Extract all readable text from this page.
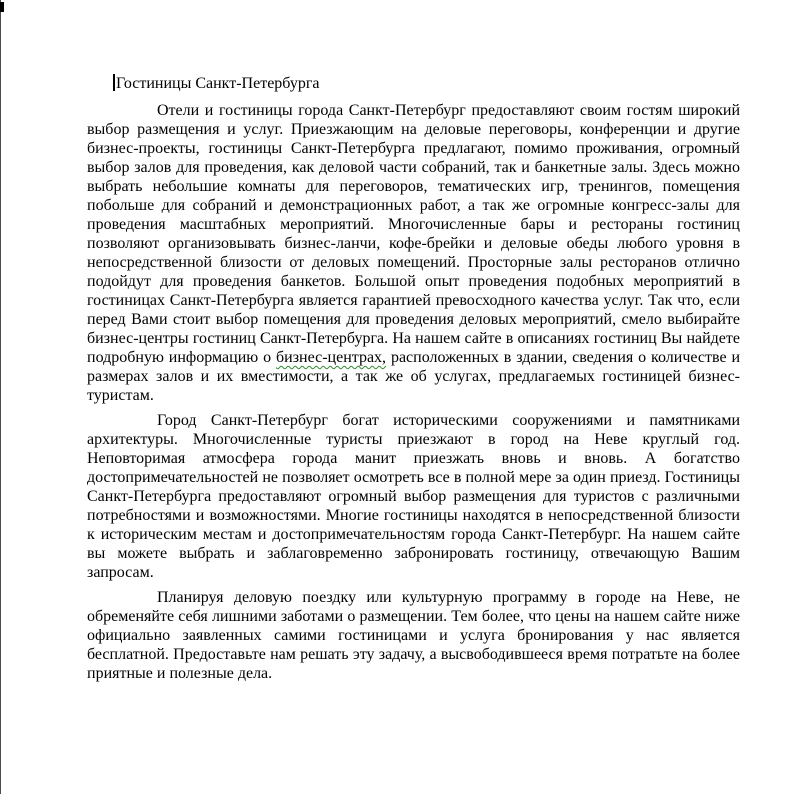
Гостиницы Санкт-Петербурга

Отели и гостиницы города Санкт-Петербург предоставляют своим гостям широкий выбор размещения и услуг. Приезжающим на деловые переговоры, конференции и другие бизнес-проекты, гостиницы Санкт-Петербурга предлагают, помимо проживания, огромный выбор залов для проведения, как деловой части собраний, так и банкетные залы. Здесь можно выбрать небольшие комнаты для переговоров, тематических игр, тренингов, помещения побольше для собраний и демонстрационных работ, а так же огромные конгресс-залы для проведения масштабных мероприятий. Многочисленные бары и рестораны гостиниц позволяют организовывать бизнес-ланчи, кофе-брейки и деловые обеды любого уровня в непосредственной близости от деловых помещений. Просторные залы ресторанов отлично подойдут для проведения банкетов. Большой опыт проведения подобных мероприятий в гостиницах Санкт-Петербурга является гарантией превосходного качества услуг. Так что, если перед Вами стоит выбор помещения для проведения деловых мероприятий, смело выбирайте бизнес-центры гостиниц Санкт-Петербурга. На нашем сайте в описаниях гостиниц Вы найдете подробную информацию о бизнес-центрах, расположенных в здании, сведения о количестве и размерах залов и их вместимости, а так же об услугах, предлагаемых гостиницей бизнес-туристам.

Город Санкт-Петербург богат историческими сооружениями и памятниками архитектуры. Многочисленные туристы приезжают в город на Неве круглый год. Неповторимая атмосфера города манит приезжать вновь и вновь. А богатство достопримечательностей не позволяет осмотреть все в полной мере за один приезд. Гостиницы Санкт-Петербурга предоставляют огромный выбор размещения для туристов с различными потребностями и возможностями. Многие гостиницы находятся в непосредственной близости к историческим местам и достопримечательностям города Санкт-Петербург. На нашем сайте вы можете выбрать и заблаговременно забронировать гостиницу, отвечающую Вашим запросам.

Планируя деловую поездку или культурную программу в городе на Неве, не обременяйте себя лишними заботами о размещении. Тем более, что цены на нашем сайте ниже официально заявленных самими гостиницами и услуга бронирования у нас является бесплатной. Предоставьте нам решать эту задачу, а высвободившееся время потратьте на более приятные и полезные дела.
